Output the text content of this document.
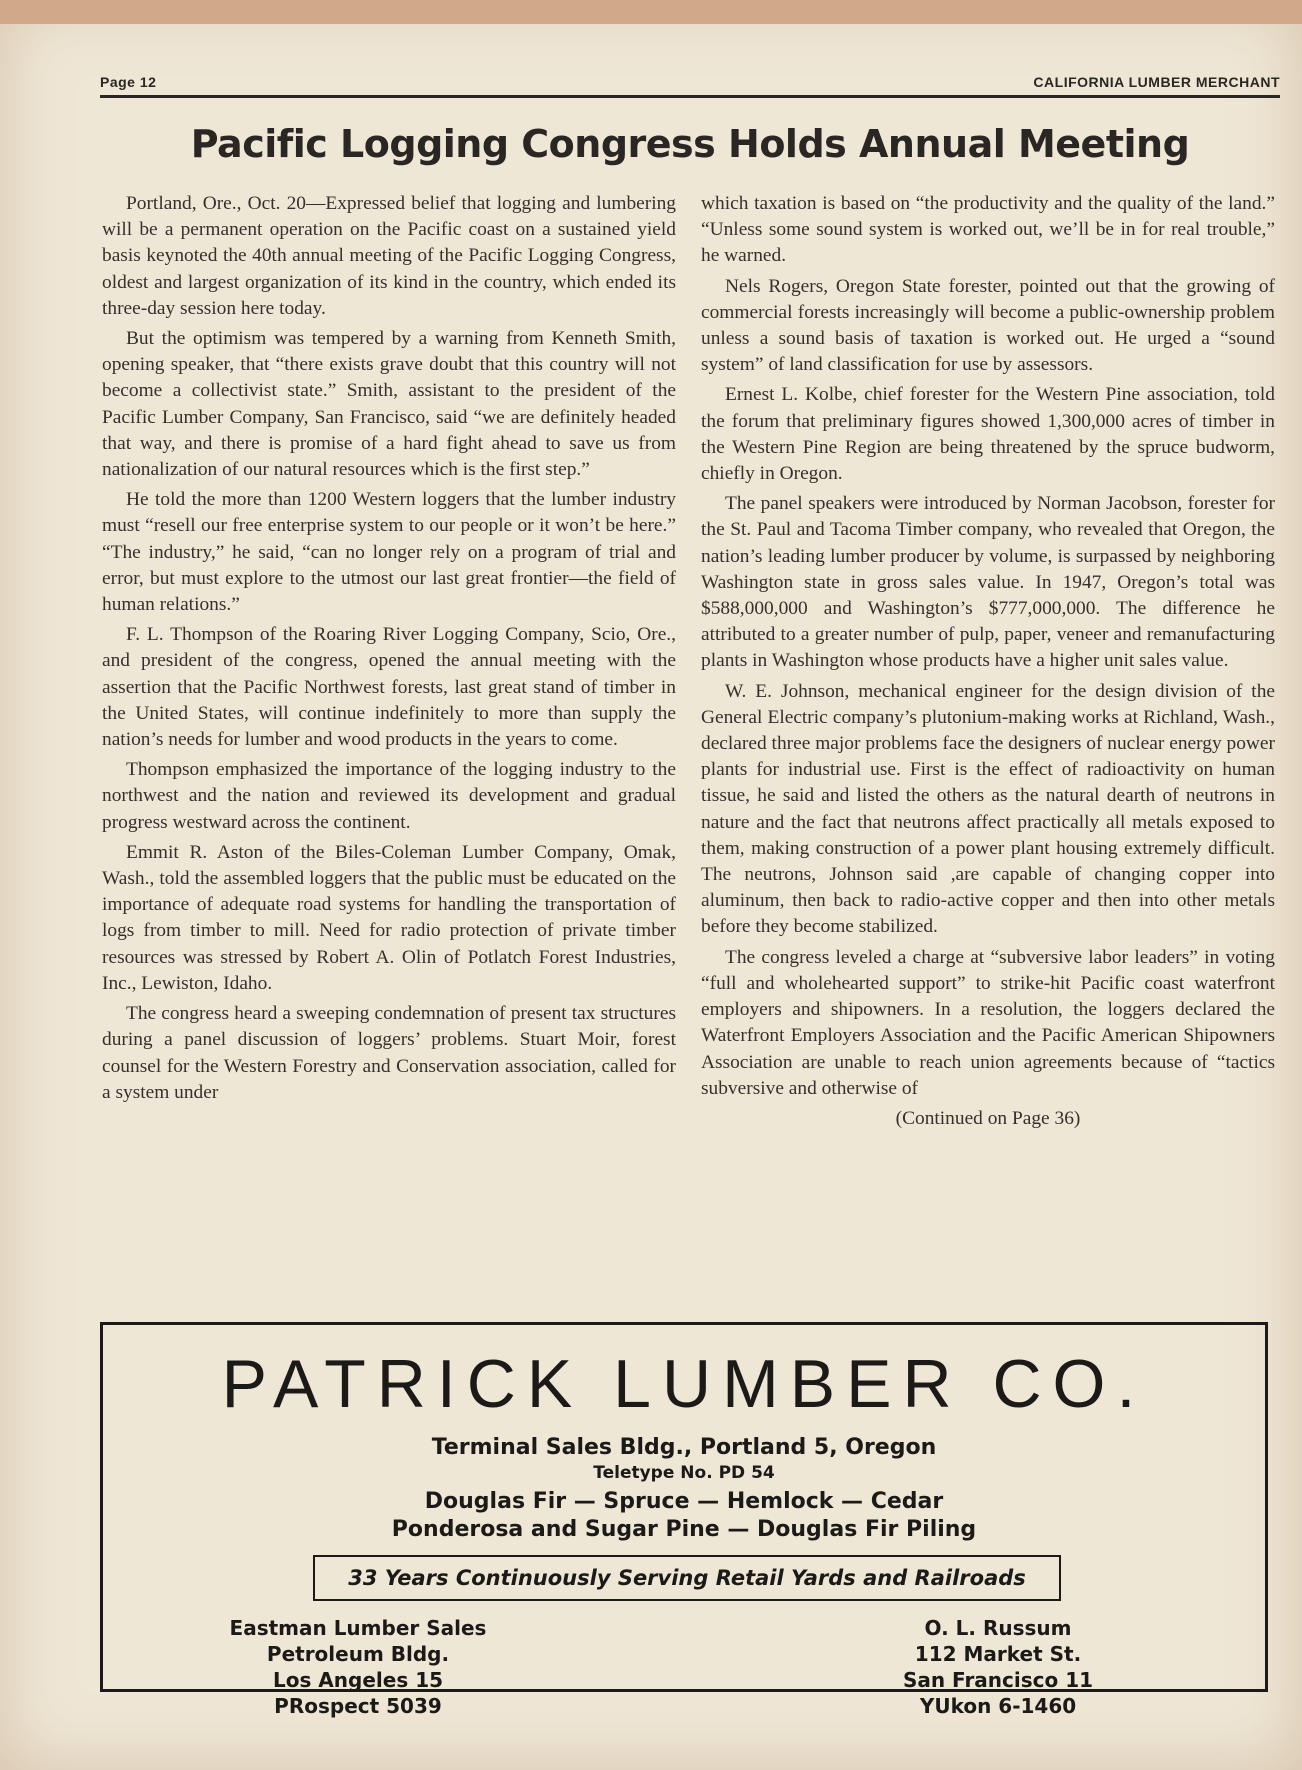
Page 12	CALIFORNIA LUMBER MERCHANT
Pacific Logging Congress Holds Annual Meeting

Portland, Ore., Oct. 20—Expressed belief that logging and lumbering will be a permanent operation on the Pacific coast on a sustained yield basis keynoted the 40th annual meeting of the Pacific Logging Congress, oldest and largest organization of its kind in the country, which ended its three-day session here today.

But the optimism was tempered by a warning from Kenneth Smith, opening speaker, that “there exists grave doubt that this country will not become a collectivist state.” Smith, assistant to the president of the Pacific Lumber Company, San Francisco, said “we are definitely headed that way, and there is promise of a hard fight ahead to save us from nationalization of our natural resources which is the first step.”

He told the more than 1200 Western loggers that the lumber industry must “resell our free enterprise system to our people or it won’t be here.” “The industry,” he said, “can no longer rely on a program of trial and error, but must explore to the utmost our last great frontier—the field of human relations.”

F. L. Thompson of the Roaring River Logging Company, Scio, Ore., and president of the congress, opened the annual meeting with the assertion that the Pacific Northwest forests, last great stand of timber in the United States, will continue indefinitely to more than supply the nation’s needs for lumber and wood products in the years to come.

Thompson emphasized the importance of the logging industry to the northwest and the nation and reviewed its development and gradual progress westward across the continent.

Emmit R. Aston of the Biles-Coleman Lumber Company, Omak, Wash., told the assembled loggers that the public must be educated on the importance of adequate road systems for handling the transportation of logs from timber to mill. Need for radio protection of private timber resources was stressed by Robert A. Olin of Potlatch Forest Industries, Inc., Lewiston, Idaho.

The congress heard a sweeping condemnation of present tax structures during a panel discussion of loggers’ problems. Stuart Moir, forest counsel for the Western Forestry and Conservation association, called for a system under

which taxation is based on “the productivity and the quality of the land.” “Unless some sound system is worked out, we’ll be in for real trouble,” he warned.

Nels Rogers, Oregon State forester, pointed out that the growing of commercial forests increasingly will become a public-ownership problem unless a sound basis of taxation is worked out. He urged a “sound system” of land classification for use by assessors.

Ernest L. Kolbe, chief forester for the Western Pine association, told the forum that preliminary figures showed 1,300,000 acres of timber in the Western Pine Region are being threatened by the spruce budworm, chiefly in Oregon.

The panel speakers were introduced by Norman Jacobson, forester for the St. Paul and Tacoma Timber company, who revealed that Oregon, the nation’s leading lumber producer by volume, is surpassed by neighboring Washington state in gross sales value. In 1947, Oregon’s total was $588,000,000 and Washington’s $777,000,000. The difference he attributed to a greater number of pulp, paper, veneer and remanufacturing plants in Washington whose products have a higher unit sales value.

W. E. Johnson, mechanical engineer for the design division of the General Electric company’s plutonium-making works at Richland, Wash., declared three major problems face the designers of nuclear energy power plants for industrial use. First is the effect of radioactivity on human tissue, he said and listed the others as the natural dearth of neutrons in nature and the fact that neutrons affect practically all metals exposed to them, making construction of a power plant housing extremely difficult. The neutrons, Johnson said ,are capable of changing copper into aluminum, then back to radio-active copper and then into other metals before they become stabilized.

The congress leveled a charge at “subversive labor leaders” in voting “full and wholehearted support” to strike-hit Pacific coast waterfront employers and shipowners. In a resolution, the loggers declared the Waterfront Employers Association and the Pacific American Shipowners Association are unable to reach union agreements because of “tactics subversive and otherwise of

(Continued on Page 36)

PATRICK LUMBER CO.
Terminal Sales Bldg., Portland 5, Oregon
Teletype No. PD 54
Douglas Fir — Spruce — Hemlock — Cedar
Ponderosa and Sugar Pine — Douglas Fir Piling
33 Years Continuously Serving Retail Yards and Railroads
Eastman Lumber Sales
Petroleum Bldg.
Los Angeles 15
PRospect 5039
O. L. Russum
112 Market St.
San Francisco 11
YUkon 6-1460
